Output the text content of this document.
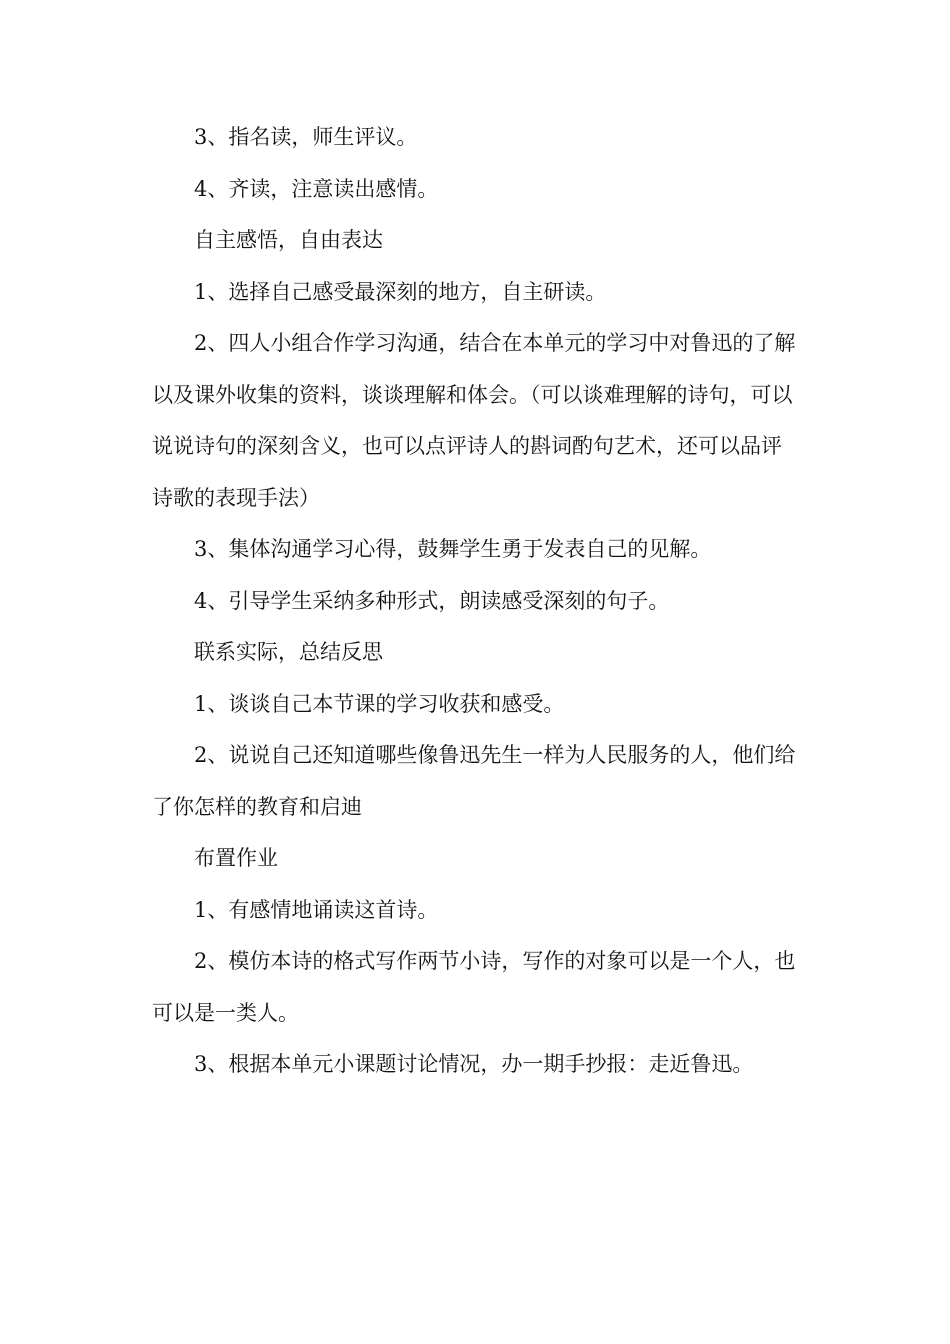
3、指名读，师生评议。

4、齐读，注意读出感情。

自主感悟，自由表达

1、选择自己感受最深刻的地方，自主研读。

2、四人小组合作学习沟通，结合在本单元的学习中对鲁迅的了解以及课外收集的资料，谈谈理解和体会。（可以谈难理解的诗句，可以说说诗句的深刻含义，也可以点评诗人的斟词酌句艺术，还可以品评诗歌的表现手法）

3、集体沟通学习心得，鼓舞学生勇于发表自己的见解。

4、引导学生采纳多种形式，朗读感受深刻的句子。

联系实际，总结反思

1、谈谈自己本节课的学习收获和感受。

2、说说自己还知道哪些像鲁迅先生一样为人民服务的人，他们给了你怎样的教育和启迪

布置作业

1、有感情地诵读这首诗。

2、模仿本诗的格式写作两节小诗，写作的对象可以是一个人，也可以是一类人。

3、根据本单元小课题讨论情况，办一期手抄报：走近鲁迅。
